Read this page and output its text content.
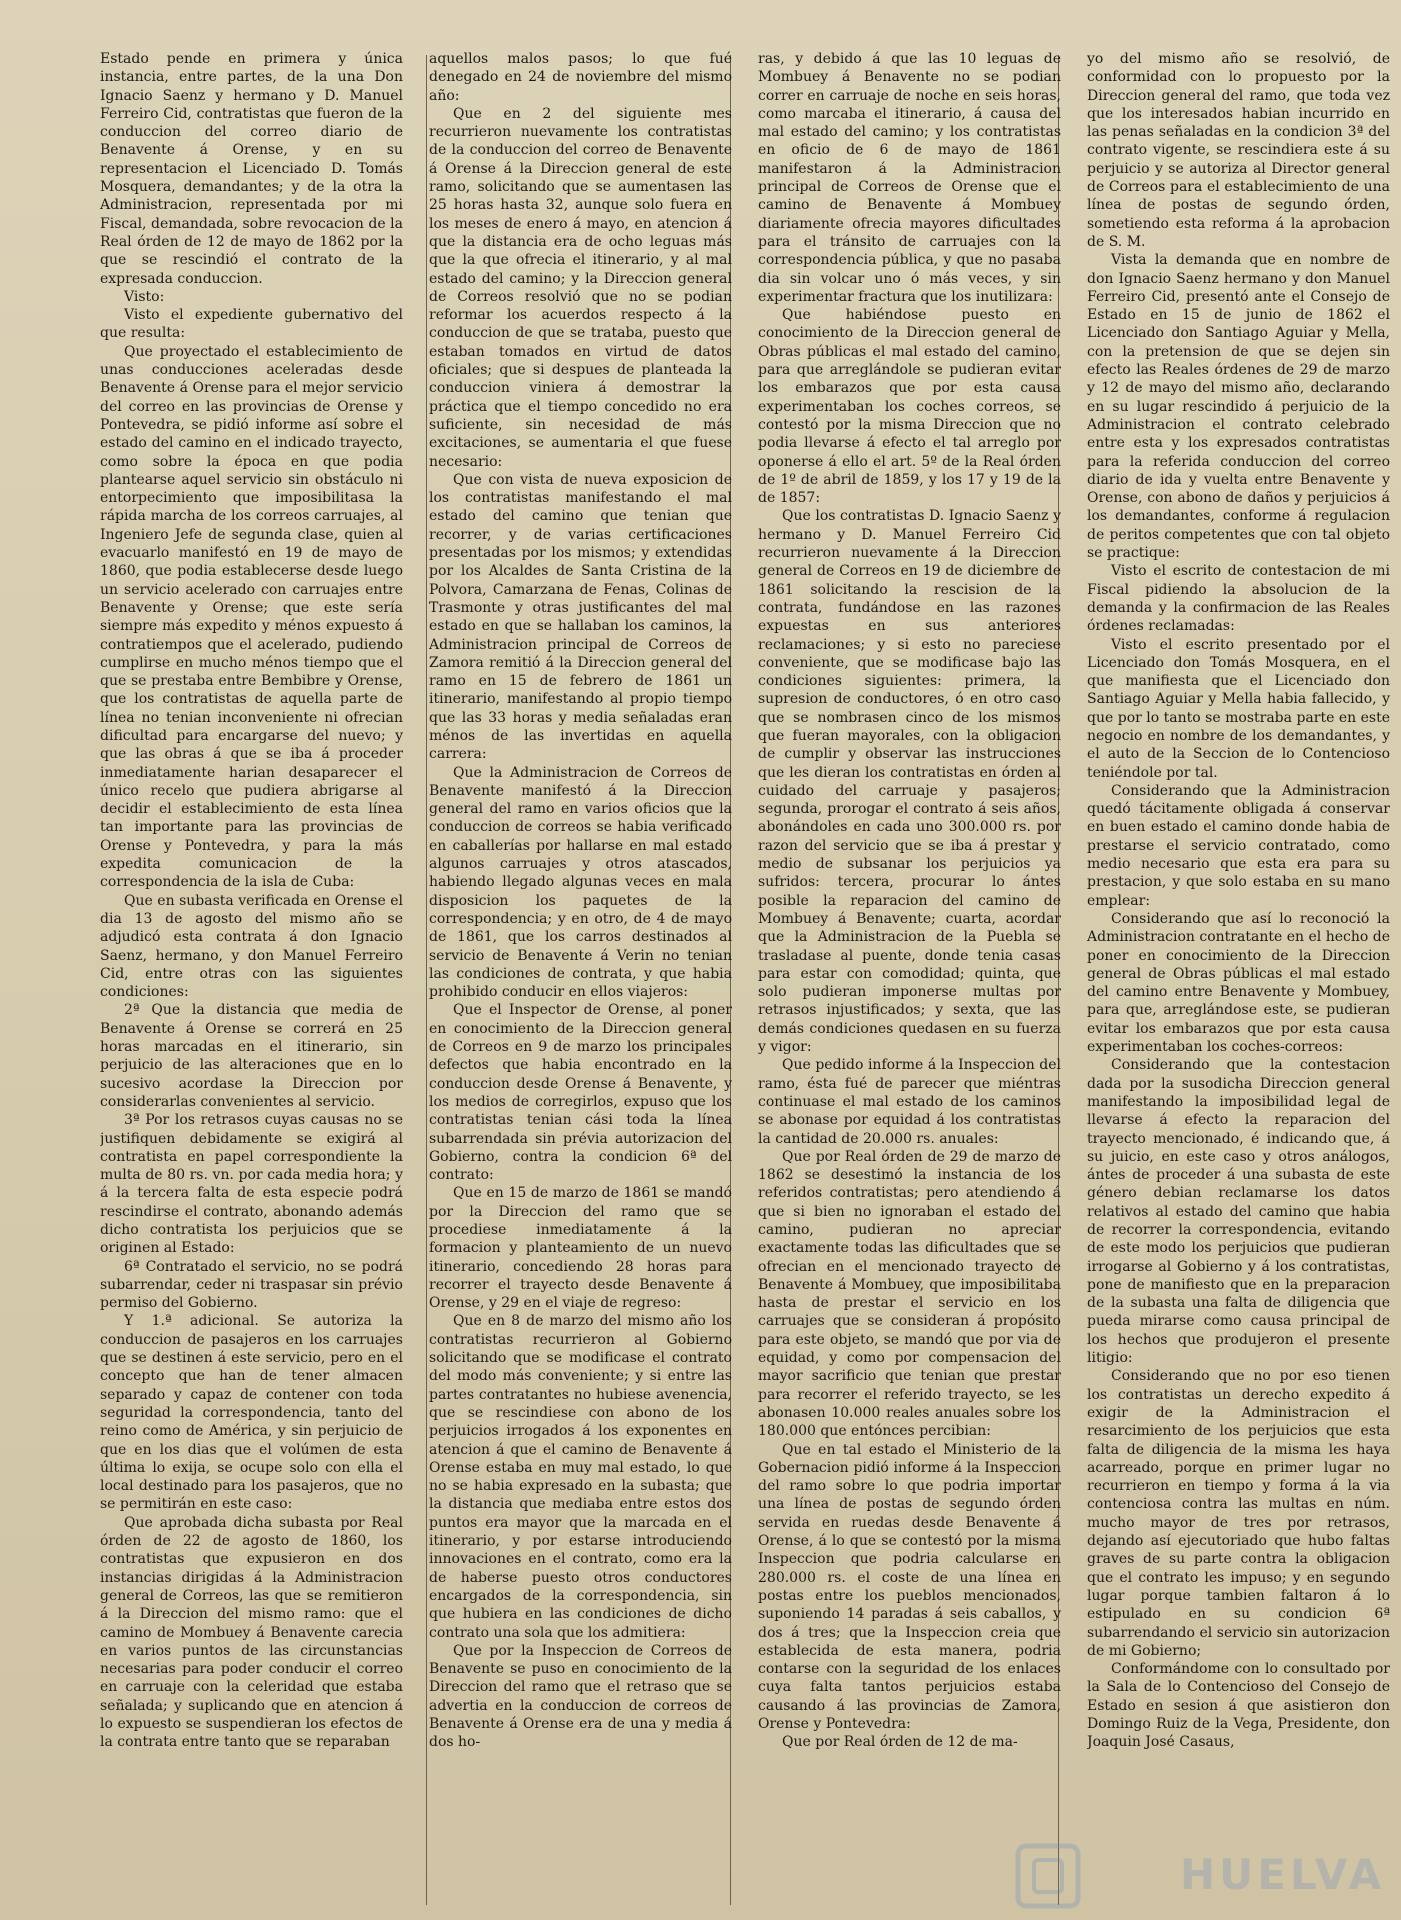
Estado pende en primera y única instancia, entre partes, de la una Don Ignacio Saenz y hermano y D. Manuel Ferreiro Cid, contratistas que fueron de la conduccion del correo diario de Benavente á Orense, y en su representacion el Licenciado D. Tomás Mosquera, demandantes; y de la otra la Administracion, representada por mi Fiscal, demandada, sobre revocacion de la Real órden de 12 de mayo de 1862 por la que se rescindió el contrato de la expresada conduccion.

Visto:

Visto el expediente gubernativo del que resulta:

Que proyectado el establecimiento de unas conducciones aceleradas desde Benavente á Orense para el mejor servicio del correo en las provincias de Orense y Pontevedra, se pidió informe así sobre el estado del camino en el indicado trayecto, como sobre la época en que podia plantearse aquel servicio sin obstáculo ni entorpecimiento que imposibilitasa la rápida marcha de los correos carruajes, al Ingeniero Jefe de segunda clase, quien al evacuarlo manifestó en 19 de mayo de 1860, que podia establecerse desde luego un servicio acelerado con carruajes entre Benavente y Orense; que este sería siempre más expedito y ménos expuesto á contratiempos que el acelerado, pudiendo cumplirse en mucho ménos tiempo que el que se prestaba entre Bembibre y Orense, que los contratistas de aquella parte de línea no tenian inconveniente ni ofrecian dificultad para encargarse del nuevo; y que las obras á que se iba á proceder inmediatamente harian desaparecer el único recelo que pudiera abrigarse al decidir el establecimiento de esta línea tan importante para las provincias de Orense y Pontevedra, y para la más expedita comunicacion de la correspondencia de la isla de Cuba:

Que en subasta verificada en Orense el dia 13 de agosto del mismo año se adjudicó esta contrata á don Ignacio Saenz, hermano, y don Manuel Ferreiro Cid, entre otras con las siguientes condiciones:

2ª Que la distancia que media de Benavente á Orense se correrá en 25 horas marcadas en el itinerario, sin perjuicio de las alteraciones que en lo sucesivo acordase la Direccion por considerarlas convenientes al servicio.

3ª Por los retrasos cuyas causas no se justifiquen debidamente se exigirá al contratista en papel correspondiente la multa de 80 rs. vn. por cada media hora; y á la tercera falta de esta especie podrá rescindirse el contrato, abonando además dicho contratista los perjuicios que se originen al Estado:

6ª Contratado el servicio, no se podrá subarrendar, ceder ni traspasar sin prévio permiso del Gobierno.

Y 1.ª adicional. Se autoriza la conduccion de pasajeros en los carruajes que se destinen á este servicio, pero en el concepto que han de tener almacen separado y capaz de contener con toda seguridad la correspondencia, tanto del reino como de América, y sin perjuicio de que en los dias que el volúmen de esta última lo exija, se ocupe solo con ella el local destinado para los pasajeros, que no se permitirán en este caso:

Que aprobada dicha subasta por Real órden de 22 de agosto de 1860, los contratistas que expusieron en dos instancias dirigidas á la Administracion general de Correos, las que se remitieron á la Direccion del mismo ramo: que el camino de Mombuey á Benavente carecia en varios puntos de las circunstancias necesarias para poder conducir el correo en carruaje con la celeridad que estaba señalada; y suplicando que en atencion á lo expuesto se suspendieran los efectos de la contrata entre tanto que se reparaban

aquellos malos pasos; lo que fué denegado en 24 de noviembre del mismo año:

Que en 2 del siguiente mes recurrieron nuevamente los contratistas de la conduccion del correo de Benavente á Orense á la Direccion general de este ramo, solicitando que se aumentasen las 25 horas hasta 32, aunque solo fuera en los meses de enero á mayo, en atencion á que la distancia era de ocho leguas más que la que ofrecia el itinerario, y al mal estado del camino; y la Direccion general de Correos resolvió que no se podian reformar los acuerdos respecto á la conduccion de que se trataba, puesto que estaban tomados en virtud de datos oficiales; que si despues de planteada la conduccion viniera á demostrar la práctica que el tiempo concedido no era suficiente, sin necesidad de más excitaciones, se aumentaria el que fuese necesario:

Que con vista de nueva exposicion de los contratistas manifestando el mal estado del camino que tenian que recorrer, y de varias certificaciones presentadas por los mismos; y extendidas por los Alcaldes de Santa Cristina de la Polvora, Camarzana de Fenas, Colinas de Trasmonte y otras justificantes del mal estado en que se hallaban los caminos, la Administracion principal de Correos de Zamora remitió á la Direccion general del ramo en 15 de febrero de 1861 un itinerario, manifestando al propio tiempo que las 33 horas y media señaladas eran ménos de las invertidas en aquella carrera:

Que la Administracion de Correos de Benavente manifestó á la Direccion general del ramo en varios oficios que la conduccion de correos se habia verificado en caballerías por hallarse en mal estado algunos carruajes y otros atascados, habiendo llegado algunas veces en mala disposicion los paquetes de la correspondencia; y en otro, de 4 de mayo de 1861, que los carros destinados al servicio de Benavente á Verin no tenian las condiciones de contrata, y que habia prohibido conducir en ellos viajeros:

Que el Inspector de Orense, al poner en conocimiento de la Direccion general de Correos en 9 de marzo los principales defectos que habia encontrado en la conduccion desde Orense á Benavente, y los medios de corregirlos, expuso que los contratistas tenian cási toda la línea subarrendada sin prévia autorizacion del Gobierno, contra la condicion 6ª del contrato:

Que en 15 de marzo de 1861 se mandó por la Direccion del ramo que se procediese inmediatamente á la formacion y planteamiento de un nuevo itinerario, concediendo 28 horas para recorrer el trayecto desde Benavente á Orense, y 29 en el viaje de regreso:

Que en 8 de marzo del mismo año los contratistas recurrieron al Gobierno solicitando que se modificase el contrato del modo más conveniente; y si entre las partes contratantes no hubiese avenencia, que se rescindiese con abono de los perjuicios irrogados á los exponentes en atencion á que el camino de Benavente á Orense estaba en muy mal estado, lo que no se habia expresado en la subasta; que la distancia que mediaba entre estos dos puntos era mayor que la marcada en el itinerario, y por estarse introduciendo innovaciones en el contrato, como era la de haberse puesto otros conductores encargados de la correspondencia, sin que hubiera en las condiciones de dicho contrato una sola que los admitiera:

Que por la Inspeccion de Correos de Benavente se puso en conocimiento de la Direccion del ramo que el retraso que se advertia en la conduccion de correos de Benavente á Orense era de una y media á dos ho-

ras, y debido á que las 10 leguas de Mombuey á Benavente no se podian correr en carruaje de noche en seis horas, como marcaba el itinerario, á causa del mal estado del camino; y los contratistas en oficio de 6 de mayo de 1861 manifestaron á la Administracion principal de Correos de Orense que el camino de Benavente á Mombuey diariamente ofrecia mayores dificultades para el tránsito de carruajes con la correspondencia pública, y que no pasaba dia sin volcar uno ó más veces, y sin experimentar fractura que los inutilizara:

Que habiéndose puesto en conocimiento de la Direccion general de Obras públicas el mal estado del camino, para que arreglándole se pudieran evitar los embarazos que por esta causa experimentaban los coches correos, se contestó por la misma Direccion que no podia llevarse á efecto el tal arreglo por oponerse á ello el art. 5º de la Real órden de 1º de abril de 1859, y los 17 y 19 de la de 1857:

Que los contratistas D. Ignacio Saenz y hermano y D. Manuel Ferreiro Cid recurrieron nuevamente á la Direccion general de Correos en 19 de diciembre de 1861 solicitando la rescision de la contrata, fundándose en las razones expuestas en sus anteriores reclamaciones; y si esto no pareciese conveniente, que se modificase bajo las condiciones siguientes: primera, la supresion de conductores, ó en otro caso que se nombrasen cinco de los mismos que fueran mayorales, con la obligacion de cumplir y observar las instrucciones que les dieran los contratistas en órden al cuidado del carruaje y pasajeros; segunda, prorogar el contrato á seis años, abonándoles en cada uno 300.000 rs. por razon del servicio que se iba á prestar y medio de subsanar los perjuicios ya sufridos: tercera, procurar lo ántes posible la reparacion del camino de Mombuey á Benavente; cuarta, acordar que la Administracion de la Puebla se trasladase al puente, donde tenia casas para estar con comodidad; quinta, que solo pudieran imponerse multas por retrasos injustificados; y sexta, que las demás condiciones quedasen en su fuerza y vigor:

Que pedido informe á la Inspeccion del ramo, ésta fué de parecer que miéntras continuase el mal estado de los caminos se abonase por equidad á los contratistas la cantidad de 20.000 rs. anuales:

Que por Real órden de 29 de marzo de 1862 se desestimó la instancia de los referidos contratistas; pero atendiendo á que si bien no ignoraban el estado del camino, pudieran no apreciar exactamente todas las dificultades que se ofrecian en el mencionado trayecto de Benavente á Mombuey, que imposibilitaba hasta de prestar el servicio en los carruajes que se consideran á propósito para este objeto, se mandó que por via de equidad, y como por compensacion del mayor sacrificio que tenian que prestar para recorrer el referido trayecto, se les abonasen 10.000 reales anuales sobre los 180.000 que entónces percibian:

Que en tal estado el Ministerio de la Gobernacion pidió informe á la Inspeccion del ramo sobre lo que podria importar una línea de postas de segundo órden servida en ruedas desde Benavente á Orense, á lo que se contestó por la misma Inspeccion que podria calcularse en 280.000 rs. el coste de una línea en postas entre los pueblos mencionados, suponiendo 14 paradas á seis caballos, y dos á tres; que la Inspeccion creia que establecida de esta manera, podria contarse con la seguridad de los enlaces cuya falta tantos perjuicios estaba causando á las provincias de Zamora, Orense y Pontevedra:

Que por Real órden de 12 de ma-

yo del mismo año se resolvió, de conformidad con lo propuesto por la Direccion general del ramo, que toda vez que los interesados habian incurrido en las penas señaladas en la condicion 3ª del contrato vigente, se rescindiera este á su perjuicio y se autoriza al Director general de Correos para el establecimiento de una línea de postas de segundo órden, sometiendo esta reforma á la aprobacion de S. M.

Vista la demanda que en nombre de don Ignacio Saenz hermano y don Manuel Ferreiro Cid, presentó ante el Consejo de Estado en 15 de junio de 1862 el Licenciado don Santiago Aguiar y Mella, con la pretension de que se dejen sin efecto las Reales órdenes de 29 de marzo y 12 de mayo del mismo año, declarando en su lugar rescindido á perjuicio de la Administracion el contrato celebrado entre esta y los expresados contratistas para la referida conduccion del correo diario de ida y vuelta entre Benavente y Orense, con abono de daños y perjuicios á los demandantes, conforme á regulacion de peritos competentes que con tal objeto se practique:

Visto el escrito de contestacion de mi Fiscal pidiendo la absolucion de la demanda y la confirmacion de las Reales órdenes reclamadas:

Visto el escrito presentado por el Licenciado don Tomás Mosquera, en el que manifiesta que el Licenciado don Santiago Aguiar y Mella habia fallecido, y que por lo tanto se mostraba parte en este negocio en nombre de los demandantes, y el auto de la Seccion de lo Contencioso teniéndole por tal.

Considerando que la Administracion quedó tácitamente obligada á conservar en buen estado el camino donde habia de prestarse el servicio contratado, como medio necesario que esta era para su prestacion, y que solo estaba en su mano emplear:

Considerando que así lo reconoció la Administracion contratante en el hecho de poner en conocimiento de la Direccion general de Obras públicas el mal estado del camino entre Benavente y Mombuey, para que, arreglándose este, se pudieran evitar los embarazos que por esta causa experimentaban los coches-correos:

Considerando que la contestacion dada por la susodicha Direccion general manifestando la imposibilidad legal de llevarse á efecto la reparacion del trayecto mencionado, é indicando que, á su juicio, en este caso y otros análogos, ántes de proceder á una subasta de este género debian reclamarse los datos relativos al estado del camino que habia de recorrer la correspondencia, evitando de este modo los perjuicios que pudieran irrogarse al Gobierno y á los contratistas, pone de manifiesto que en la preparacion de la subasta una falta de diligencia que pueda mirarse como causa principal de los hechos que produjeron el presente litigio:

Considerando que no por eso tienen los contratistas un derecho expedito á exigir de la Administracion el resarcimiento de los perjuicios que esta falta de diligencia de la misma les haya acarreado, porque en primer lugar no recurrieron en tiempo y forma á la via contenciosa contra las multas en núm. mucho mayor de tres por retrasos, dejando así ejecutoriado que hubo faltas graves de su parte contra la obligacion que el contrato les impuso; y en segundo lugar porque tambien faltaron á lo estipulado en su condicion 6ª subarrendando el servicio sin autorizacion de mi Gobierno;

Conformándome con lo consultado por la Sala de lo Contencioso del Consejo de Estado en sesion á que asistieron don Domingo Ruiz de la Vega, Presidente, don Joaquin José Casaus,

HUELVA
